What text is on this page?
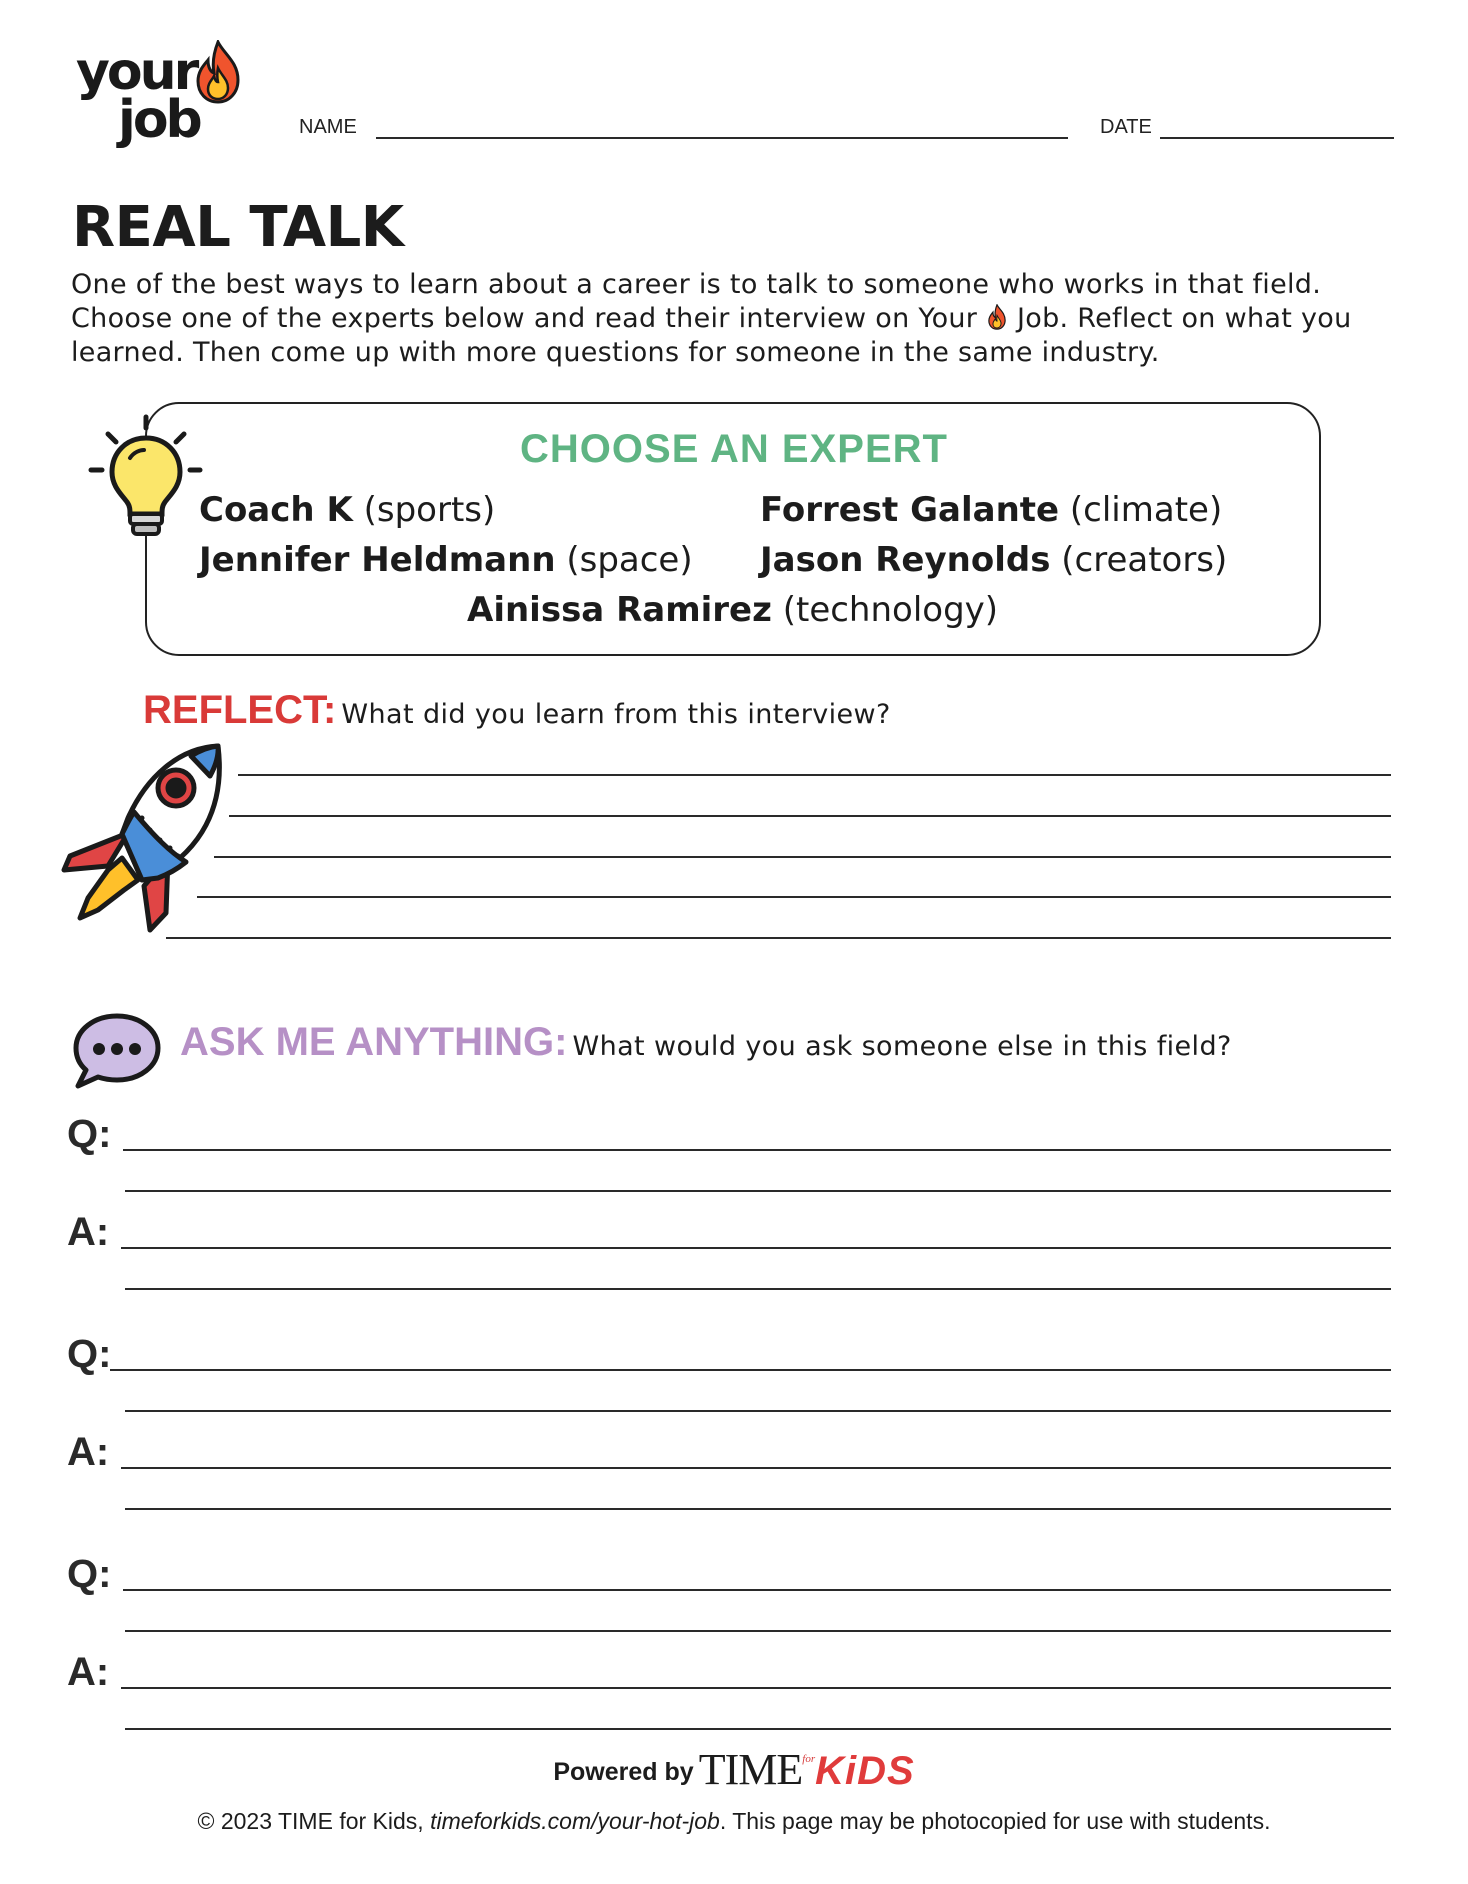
your
job	NAME	DATE
REAL TALK

One of the best ways to learn about a career is to talk to someone who works in that field. Choose one of the experts below and read their interview on Your Job. Reflect on what you learned. Then come up with more questions for someone in the same industry.

CHOOSE AN EXPERT
Coach K (sports)	Forrest Galante (climate)
Jennifer Heldmann (space) Jason Reynolds (creators)
Ainissa Ramirez (technology)
REFLECT: What did you learn from this interview?
ASK ME ANYTHING: What would you ask someone else in this field?
Q:
A:
Q:
A:
Q:
A:
Powered by $TIME^{for}KiDS$
© 2023 TIME for Kids, timeforkids.com/your-hot-job. This page may be photocopied for use with students.
